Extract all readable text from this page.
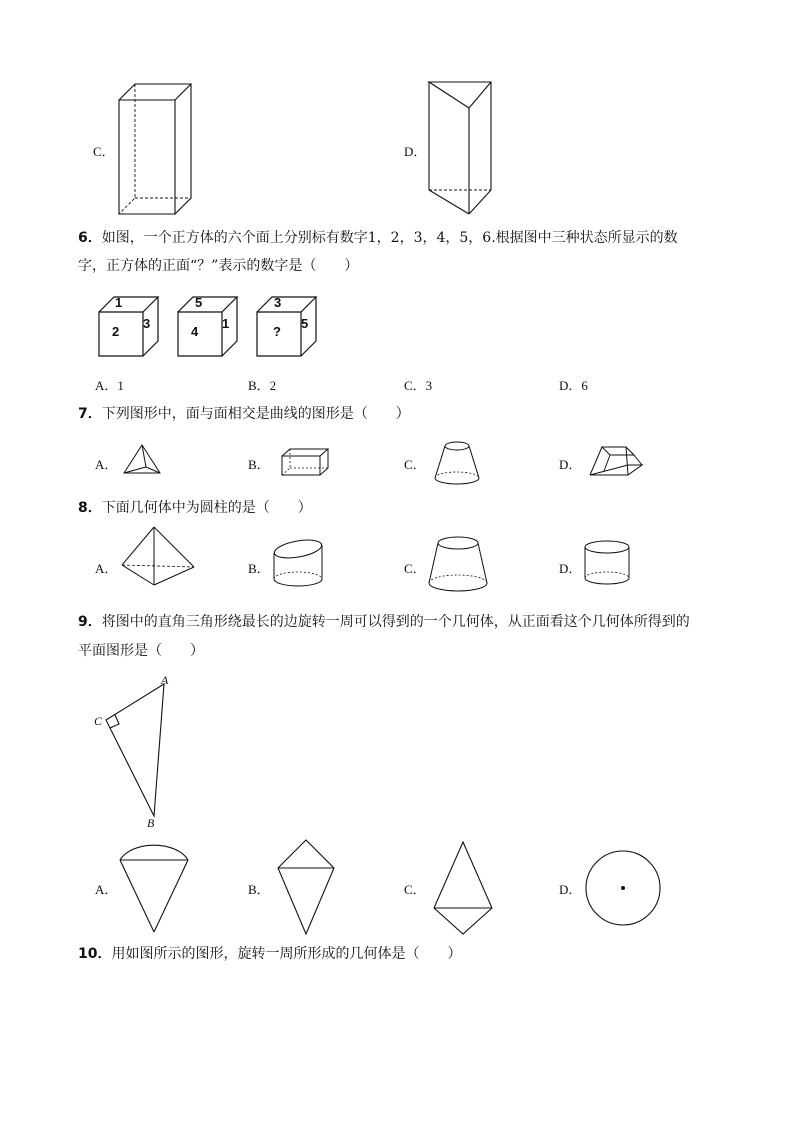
C．	D．
6．如图，一个正方体的六个面上分别标有数字1，2，3，4，5，6.根据图中三种状态所显示的数
字，正方体的正面“？”表示的数字是（　　）
1
2
3
5
4
1
3
?
5
A．1	B．2	C．3	D．6
7．下列图形中，面与面相交是曲线的图形是（　　）
A．	B．	C．	D．
8．下面几何体中为圆柱的是（　　）
A．	B．	C．	D．
9．将图中的直角三角形绕最长的边旋转一周可以得到的一个几何体，从正面看这个几何体所得到的
平面图形是（　　）
A
C
B
A．	B．	C．	D．
10．用如图所示的图形，旋转一周所形成的几何体是（　　）
